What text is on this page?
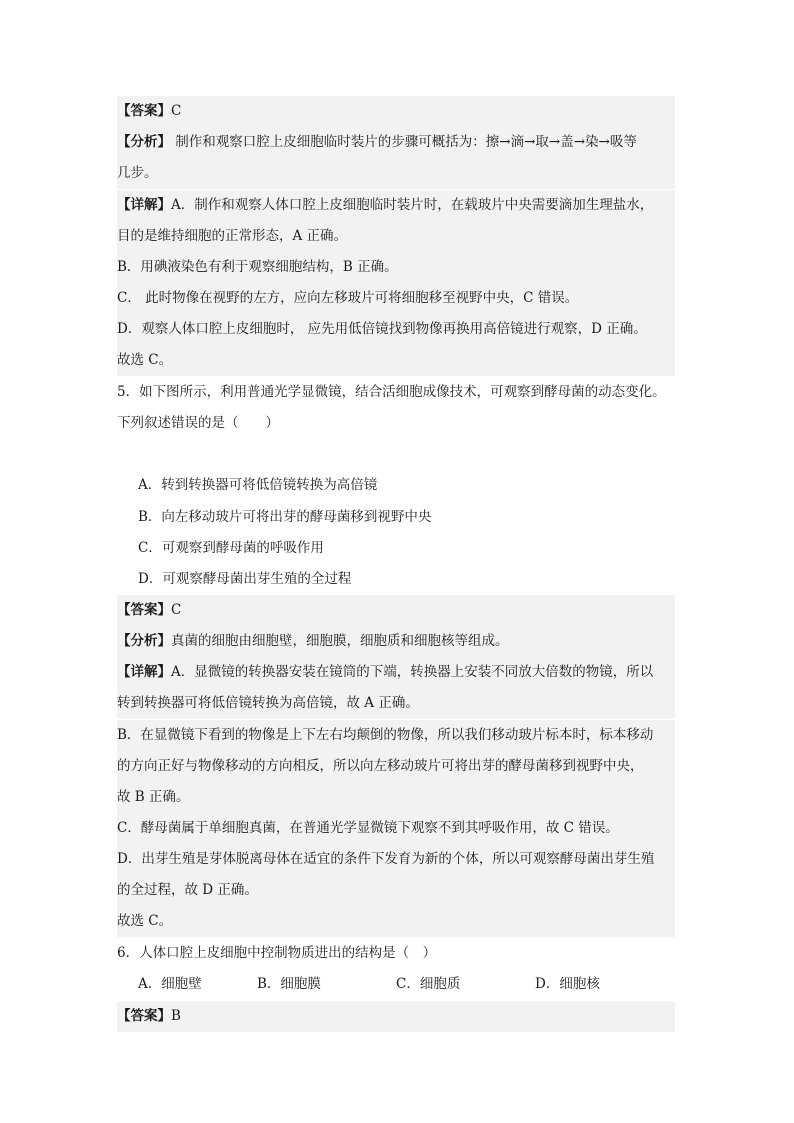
【答案】C
【分析】 制作和观察口腔上皮细胞临时装片的步骤可概括为：擦→滴→取→盖→染→吸等
几步。
【详解】A．制作和观察人体口腔上皮细胞临时装片时，在载玻片中央需要滴加生理盐水，
目的是维持细胞的正常形态，A 正确。
B．用碘液染色有利于观察细胞结构，B 正确。
C． 此时物像在视野的左方，应向左移玻片可将细胞移至视野中央，C 错误。
D．观察人体口腔上皮细胞时， 应先用低倍镜找到物像再换用高倍镜进行观察，D 正确。
故选 C。
5．如下图所示，利用普通光学显微镜，结合活细胞成像技术，可观察到酵母菌的动态变化。
下列叙述错误的是（　　）
A．转到转换器可将低倍镜转换为高倍镜
B．向左移动玻片可将出芽的酵母菌移到视野中央
C．可观察到酵母菌的呼吸作用
D．可观察酵母菌出芽生殖的全过程
【答案】C
【分析】真菌的细胞由细胞壁，细胞膜，细胞质和细胞核等组成。
【详解】A．显微镜的转换器安装在镜筒的下端，转换器上安装不同放大倍数的物镜，所以
转到转换器可将低倍镜转换为高倍镜，故 A 正确。
B．在显微镜下看到的物像是上下左右均颠倒的物像，所以我们移动玻片标本时，标本移动
的方向正好与物像移动的方向相反，所以向左移动玻片可将出芽的酵母菌移到视野中央，
故 B 正确。
C．酵母菌属于单细胞真菌，在普通光学显微镜下观察不到其呼吸作用，故 C 错误。
D．出芽生殖是芽体脱离母体在适宜的条件下发育为新的个体，所以可观察酵母菌出芽生殖
的全过程，故 D 正确。
故选 C。
6．人体口腔上皮细胞中控制物质进出的结构是（　）
A．细胞壁	B．细胞膜	C．细胞质	D．细胞核
【答案】B
